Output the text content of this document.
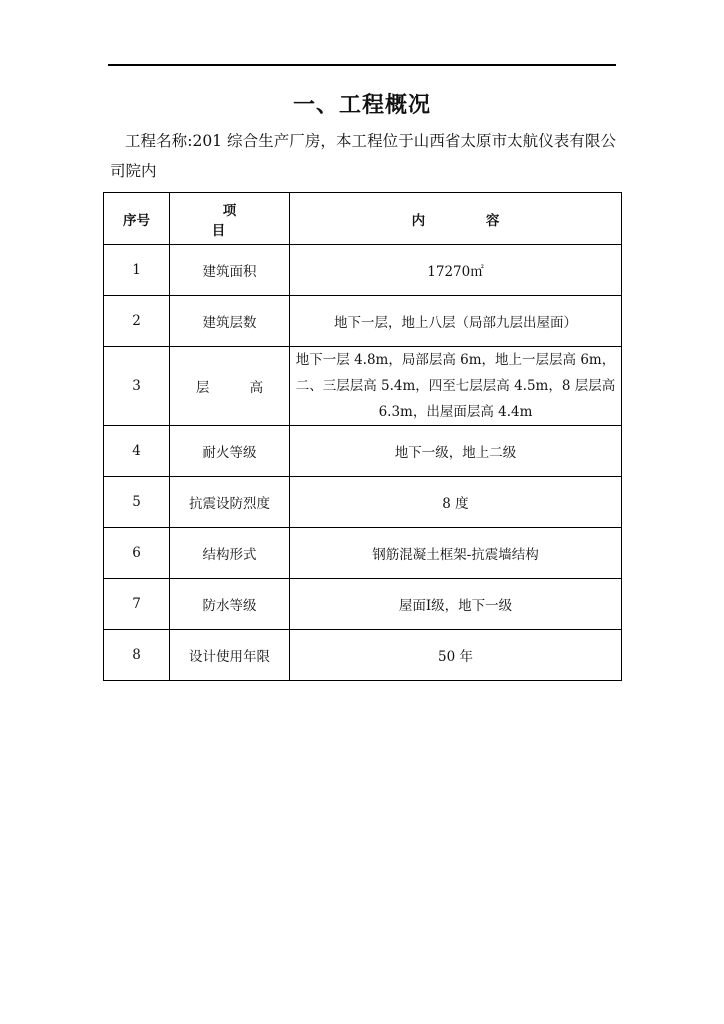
一、工程概况
工程名称:201 综合生产厂房，本工程位于山西省太原市太航仪表有限公司院内
序号	项 目	内 容
1	建筑面积	17270㎡
2	建筑层数	地下一层，地上八层（局部九层出屋面）
3	层 高	地下一层 4.8m，局部层高 6m，地上一层层高 6m，二、三层层高 5.4m，四至七层层高 4.5m，8 层层高 6.3m，出屋面层高 4.4m
4	耐火等级	地下一级，地上二级
5	抗震设防烈度	8 度
6	结构形式	钢筋混凝土框架-抗震墙结构
7	防水等级	屋面Ⅰ级，地下一级
8	设计使用年限	50 年
